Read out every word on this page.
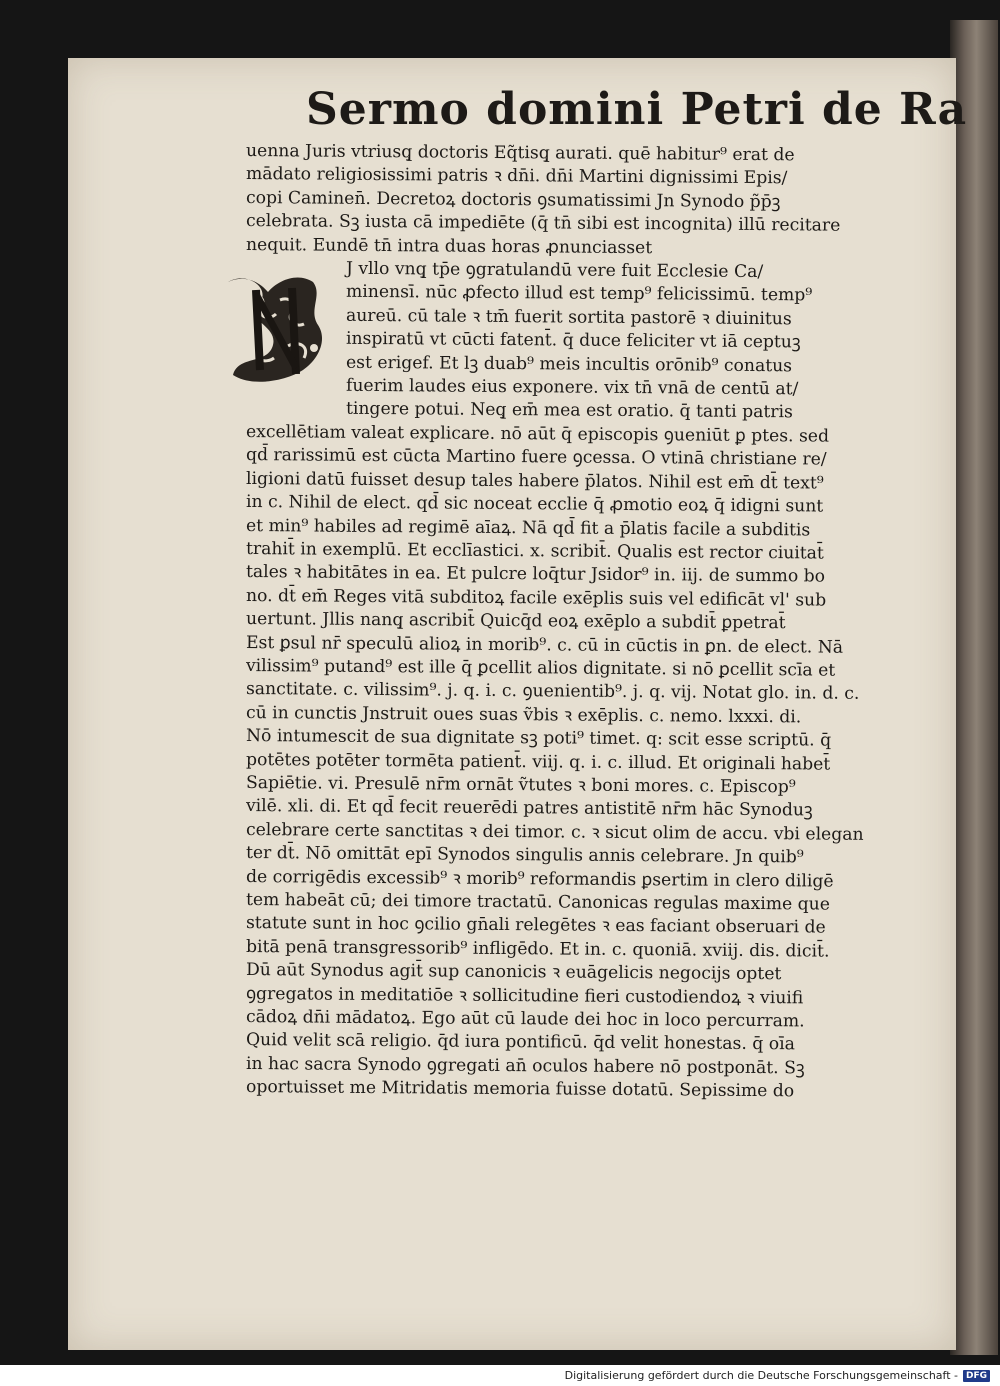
Sermo domini Petri de Ra
uenna Juris vtriusq̧ doctoris Eq̃tisq̧ aurati. quē habitur⁹ erat de
mādato religiosissimi patris ꝛ dn̄i. dn̄i Martini dignissimi Epis/
copi Caminen̄. Decretoꝝ doctoris ꝯsumatissimi Jn Synodo p̃p̄ꝫ
celebrata. Sꝫ iusta cā impediēte (q̄ tn̄ sibi est incognita) illū recitare
nequit. Eundē tn̄ intra duas horas ꝓnunciasset
J vllo vnq̧ tp̄e ꝯgratulandū vere fuit Ecclesie Ca/
minensī. nūc ꝓfecto illud est temp⁹ felicissimū. temp⁹
aureū. cū tale ꝛ tm̄ fuerit sortita pastorē ꝛ diuinitus
inspiratū vt cūcti fatent̄. q̄ duce feliciter vt iā ceptuꝫ
est erigef. Et lꝫ duab⁹ meis incultis orōnib⁹ conatus
fuerim laudes eius exponere. vix tn̄ vnā de centū at/
tingere potui. Neq̧ em̄ mea est oratio. q̄ tanti patris
excellētiam valeat explicare. nō aūt q̄ episcopis ꝯueniūt ꝑ ptes. sed
qd̄ rarissimū est cūcta Martino fuere ꝯcessa. O vtinā christiane re/
ligioni datū fuisset desup tales habere p̄latos. Nihil est em̄ dt̄ text⁹
in c. Nihil de elect. qd̄ sic noceat ecclie q̄ ꝓmotio eoꝝ q̄ idigni sunt
et min⁹ habiles ad regimē aīaꝝ. Nā qd̄ fit a p̄latis facile a subditis
trahit̄ in exemplū. Et ecclīastici. x. scribit̄. Qualis est rector ciuitat̄
tales ꝛ habitātes in ea. Et pulcre loq̄tur Jsidor⁹ in. iij. de summo bo
no. dt̄ em̄ Reges vitā subditoꝝ facile exēplis suis vel edificāt vl' sub
uertunt. Jllis nanq̧ ascribit̄ Quicq̄d eoꝝ exēplo a subdit̄ ꝑpetrat̄
Est ꝑsul nr̄ speculū alioꝝ in morib⁹. c. cū in cūctis in ꝑn. de elect. Nā
vilissim⁹ putand⁹ est ille q̄ ꝑcellit alios dignitate. si nō ꝑcellit scīa et
sanctitate. c. vilissim⁹. j. q. i. c. ꝯuenientib⁹. j. q. vij. Notat glo. in. d. c.
cū in cunctis Jnstruit oues suas ṽbis ꝛ exēplis. c. nemo. lxxxi. di.
Nō intumescit de sua dignitate sꝫ poti⁹ timet. q: scit esse scriptū. q̄
potētes potēter tormēta patient̄. viij. q. i. c. illud. Et originali habet̄
Sapiētie. vi. Presulē nr̄m ornāt ṽtutes ꝛ boni mores. c. Episcop⁹
vilē. xli. di. Et qd̄ fecit reuerēdi patres antistitē nr̄m hāc Synoduꝫ
celebrare certe sanctitas ꝛ dei timor. c. ꝛ sicut olim de accu. vbi elegan
ter dt̄. Nō omittāt epī Synodos singulis annis celebrare. Jn quib⁹
de corrigēdis excessib⁹ ꝛ morib⁹ reformandis ꝑsertim in clero diligē
tem habeāt cū; dei timore tractatū. Canonicas regulas maxime que
statute sunt in hoc ꝯcilio gn̄ali relegētes ꝛ eas faciant obseruari de
bitā penā transgressorib⁹ infligēdo. Et in. c. quoniā. xviij. dis. dicit̄.
Dū aūt Synodus agit̄ sup canonicis ꝛ euāgelicis negocijs optet
ꝯgregatos in meditatiōe ꝛ sollicitudine fieri custodiendoꝝ ꝛ viuifi
cādoꝝ dn̄i mādatoꝝ. Ego aūt cū laude dei hoc in loco percurram.
Quid velit scā religio. q̄d iura pontificū. q̄d velit honestas. q̄ oīa
in hac sacra Synodo ꝯgregati an̄ oculos habere nō postponāt. Sꝫ
oportuisset me Mitridatis memoria fuisse dotatū. Sepissime do
Digitalisierung gefördert durch die Deutsche Forschungsgemeinschaft - DFG
